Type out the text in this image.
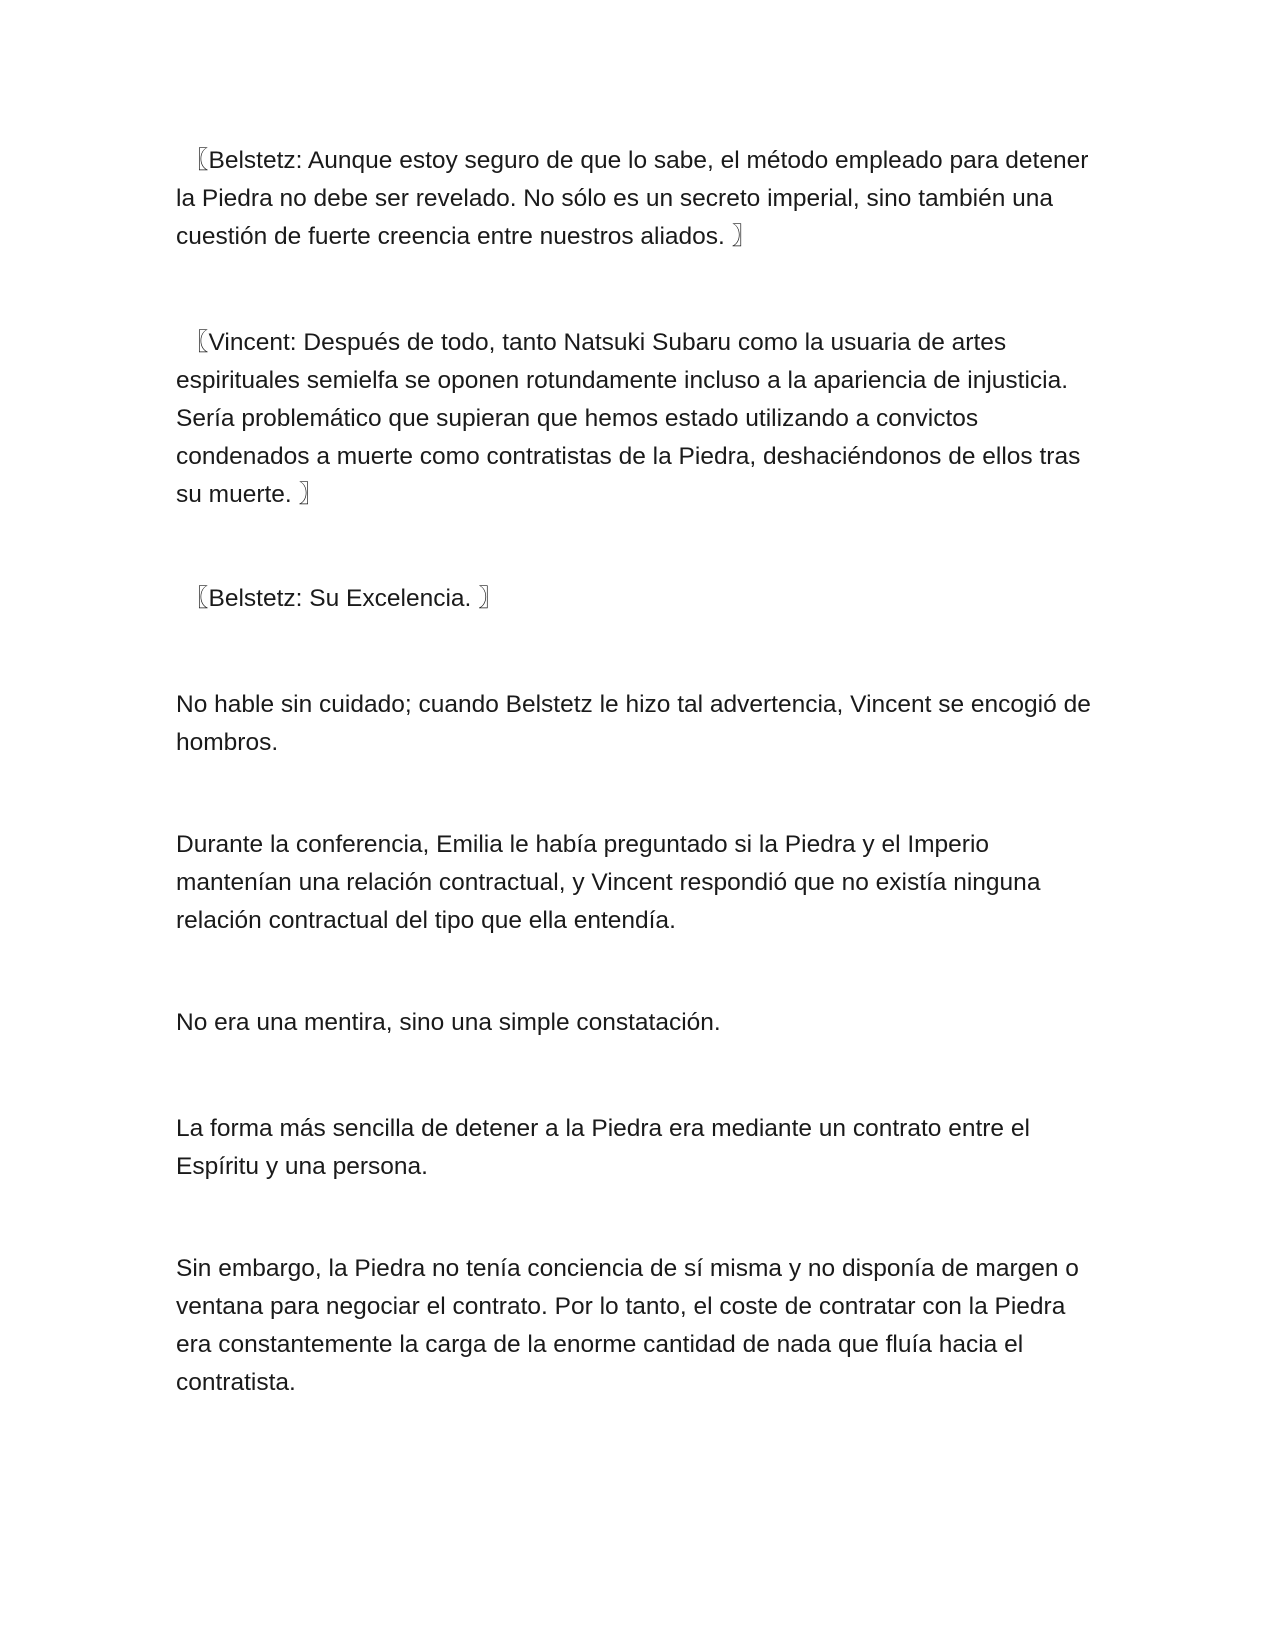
〖Belstetz: Aunque estoy seguro de que lo sabe, el método empleado para detener la Piedra no debe ser revelado. No sólo es un secreto imperial, sino también una cuestión de fuerte creencia entre nuestros aliados. 〗

〖Vincent: Después de todo, tanto Natsuki Subaru como la usuaria de artes espirituales semielfa se oponen rotundamente incluso a la apariencia de injusticia. Sería problemático que supieran que hemos estado utilizando a convictos condenados a muerte como contratistas de la Piedra, deshaciéndonos de ellos tras su muerte. 〗

〖Belstetz: Su Excelencia. 〗

No hable sin cuidado; cuando Belstetz le hizo tal advertencia, Vincent se encogió de hombros.

Durante la conferencia, Emilia le había preguntado si la Piedra y el Imperio mantenían una relación contractual, y Vincent respondió que no existía ninguna relación contractual del tipo que ella entendía.

No era una mentira, sino una simple constatación.

La forma más sencilla de detener a la Piedra era mediante un contrato entre el Espíritu y una persona.

Sin embargo, la Piedra no tenía conciencia de sí misma y no disponía de margen o ventana para negociar el contrato. Por lo tanto, el coste de contratar con la Piedra era constantemente la carga de la enorme cantidad de nada que fluía hacia el contratista.
